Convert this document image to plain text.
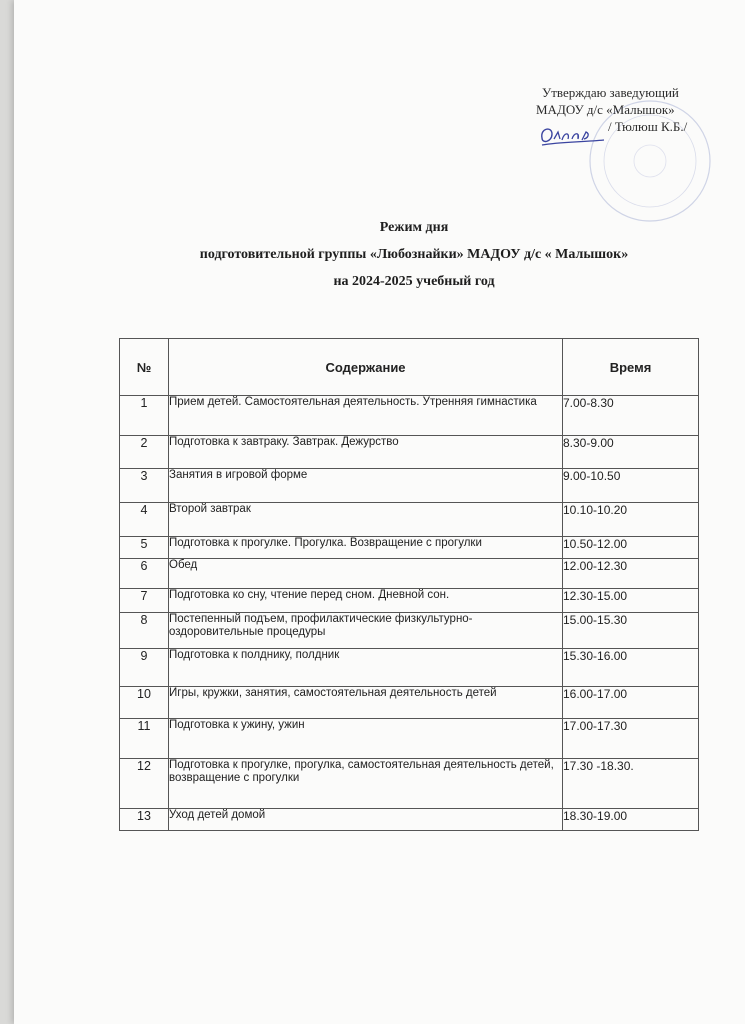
Утверждаю заведующий
МАДОУ д/с «Малышок»
/ Тюлюш К.Б./
Режим дня
подготовительной группы «Любознайки» МАДОУ д/с « Малышок»
на 2024-2025 учебный год
№	Содержание	Время
1	Прием детей. Самостоятельная деятельность. Утренняя гимнастика	7.00-8.30
2	Подготовка к завтраку. Завтрак. Дежурство	8.30-9.00
3	Занятия в игровой форме	9.00-10.50
4	Второй завтрак	10.10-10.20
5	Подготовка к прогулке. Прогулка. Возвращение с прогулки	10.50-12.00
6	Обед	12.00-12.30
7	Подготовка ко сну, чтение перед сном. Дневной сон.	12.30-15.00
8	Постепенный подъем, профилактические физкультурно-оздоровительные процедуры	15.00-15.30
9	Подготовка к полднику, полдник	15.30-16.00
10	Игры, кружки, занятия, самостоятельная деятельность детей	16.00-17.00
11	Подготовка к ужину, ужин	17.00-17.30
12	Подготовка к прогулке, прогулка, самостоятельная деятельность детей, возвращение с прогулки	17.30 -18.30.
13	Уход детей домой	18.30-19.00
